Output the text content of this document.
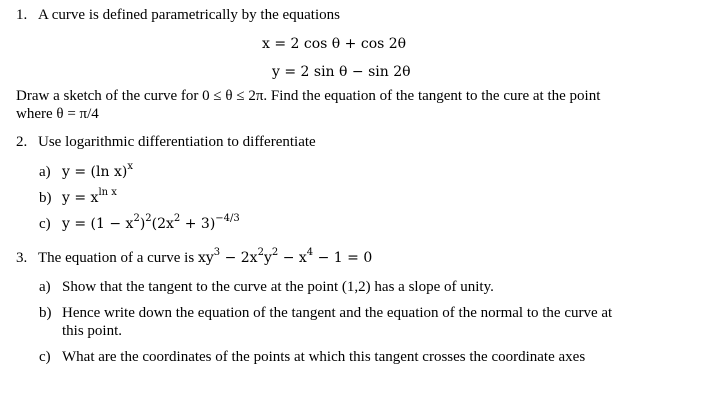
1. A curve is defined parametrically by the equations
x = 2 cos θ + cos 2θ
y = 2 sin θ − sin 2θ
Draw a sketch of the curve for 0 ≤ θ ≤ 2π. Find the equation of the tangent to the cure at the point
where θ = π/4
2. Use logarithmic differentiation to differentiate
a) y = (ln x)$^x$
b) $y = x^{ln x}$
c) $y = (1 - x^2)^2(2x^2 + 3)^{-4/3}$
3. The equation of a curve is $xy^3 - 2x^2y^2 - x^4 - 1 = 0$
a) Show that the tangent to the curve at the point (1,2) has a slope of unity.
b) Hence write down the equation of the tangent and the equation of the normal to the curve at
this point.
c) What are the coordinates of the points at which this tangent crosses the coordinate axes
